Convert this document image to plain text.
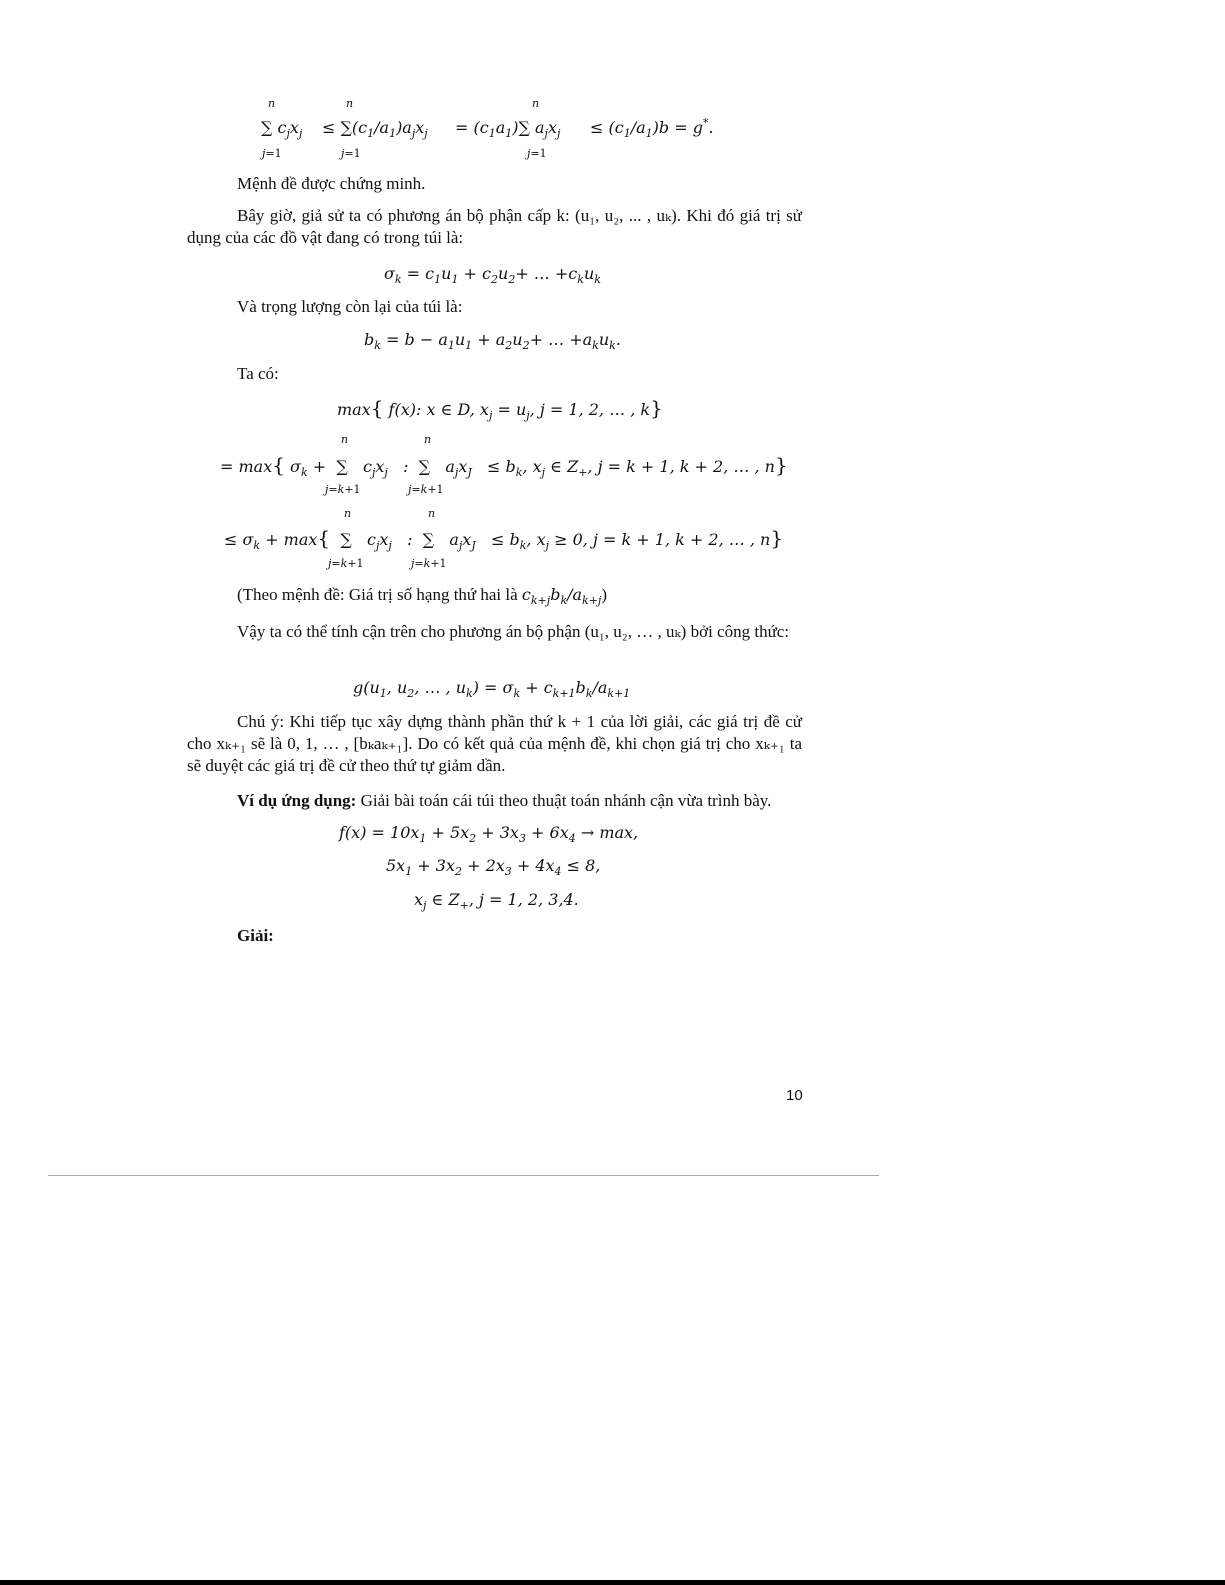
n	n	n
∑ $c_jx_j \le \sum(c_1/a_1)a_jx_j = (c_1a_1)\sum$ $a_jx_j \le (c_1/a_1)b = g^*$.
j=1	j=1	j=1
Mệnh đề được chứng minh.
Bây giờ, giả sử ta có phương án bộ phận cấp k: (u₁, u₂, ... , uₖ). Khi đó giá trị sử dụng của các đồ vật đang có trong túi là:
$\sigma_k = c_1u_1 + c_2u_2+$ … $+c_ku_k$
Và trọng lượng còn lại của túi là:
$b_k = b - a_1u_1 + a_2u_2+$ … $+a_ku_k$.
Ta có:
max{ f(x): x ∈ D, $x_j = u_j$, j = 1, 2, … , k}
n	n
= max{ $\sigma_k$ +  ∑   $c_jx_j$   :  ∑   $a_jx_J \le b_k$, $x_j$ ∈ $Z_+$, j = k + 1, k + 2, … , n}
j=k+1	j=k+1
n	n
≤ $\sigma_k + \max${  ∑   $c_jx_j$   :  ∑   $a_jx_J \le b_k$, $x_j \ge 0$, j = k + 1, k + 2, … , n}
j=k+1	j=k+1
(Theo mệnh đề: Giá trị số hạng thứ hai là $c_{k+j}b_k/a_{k+j}$)
Vậy ta có thể tính cận trên cho phương án bộ phận (u₁, u₂, … , uₖ) bởi công thức:
$g(u_1$, $u_2$, … , $u_k) = \sigma_k + c_{k+1}b_k/a_{k+1}$
Chú ý: Khi tiếp tục xây dựng thành phần thứ k + 1 của lời giải, các giá trị đề cử cho xₖ₊₁ sẽ là 0, 1, … , [bₖaₖ₊₁]. Do có kết quả của mệnh đề, khi chọn giá trị cho xₖ₊₁ ta sẽ duyệt các giá trị đề cử theo thứ tự giảm dần.
Ví dụ ứng dụng: Giải bài toán cái túi theo thuật toán nhánh cận vừa trình bày.
$f(x) = 10x_1 + 5x_2 + 3x_3 + 6x_4 \to \max$,
$5x_1 + 3x_2 + 2x_3 + 4x_4 \le 8$,
$x_j$ ∈ $Z_+$, j = 1, 2, 3,4.
Giải:
10
